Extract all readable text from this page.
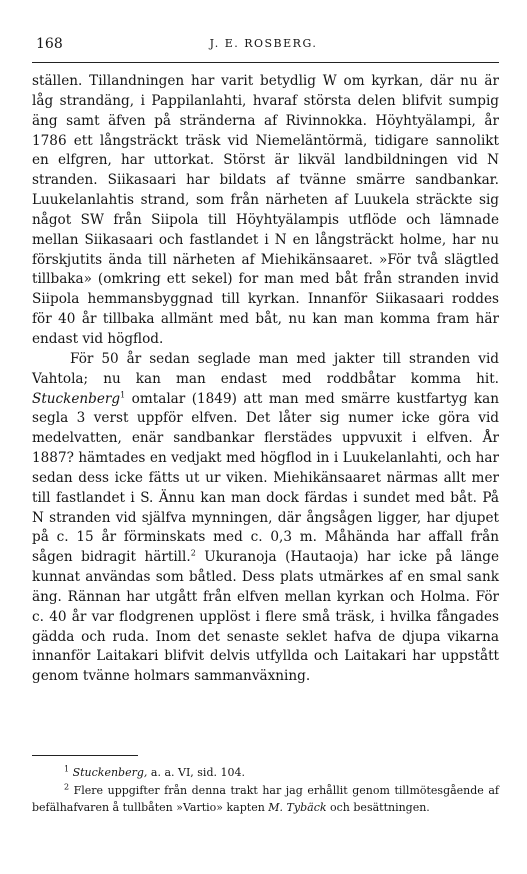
168	J. E. ROSBERG.

ställen. Tillandningen har varit betydlig W om kyrkan, där nu är låg strandäng, i Pappilanlahti, hvaraf största delen blifvit sumpig äng samt äfven på stränderna af Rivinnokka. Höyhtyälampi, år 1786 ett långsträckt träsk vid Niemeläntörmä, tidigare sannolikt en elfgren, har uttorkat. Störst är likväl landbildningen vid N stranden. Siikasaari har bildats af tvänne smärre sandbankar. Luukelanlahtis strand, som från närheten af Luukela sträckte sig något SW från Siipola till Höyhtyälampis utflöde och lämnade mellan Siikasaari och fastlandet i N en långsträckt holme, har nu förskjutits ända till närheten af Miehikänsaaret. »För två slägtled tillbaka» (omkring ett sekel) for man med båt från stranden invid Siipola hemmansbyggnad till kyrkan. Innanför Siikasaari roddes för 40 år tillbaka allmänt med båt, nu kan man komma fram här endast vid högflod.

För 50 år sedan seglade man med jakter till stranden vid Vahtola; nu kan man endast med roddbåtar komma hit. Stuckenberg$^1$ omtalar (1849) att man med smärre kustfartyg kan segla 3 verst uppför elfven. Det låter sig numer icke göra vid medelvatten, enär sandbankar flerstädes uppvuxit i elfven. År 1887? hämtades en vedjakt med högflod in i Luukelanlahti, och har sedan dess icke fätts ut ur viken. Miehikänsaaret närmas allt mer till fastlandet i S. Ännu kan man dock färdas i sundet med båt. På N stranden vid själfva mynningen, där ångsågen ligger, har djupet på c. 15 år förminskats med c. 0,3 m. Måhända har affall från sågen bidragit härtill.$^2$ Ukuranoja (Hautaoja) har icke på länge kunnat användas som båtled. Dess plats utmärkes af en smal sank äng. Rännan har utgått från elfven mellan kyrkan och Holma. För c. 40 år var flodgrenen upplöst i flere små träsk, i hvilka fångades gädda och ruda. Inom det senaste seklet hafva de djupa vikarna innanför Laitakari blifvit delvis utfyllda och Laitakari har uppstått genom tvänne holmars sammanväxning.

$^1$ Stuckenberg, a. a. VI, sid. 104.

$^2$ Flere uppgifter från denna trakt har jag erhållit genom tillmötesgående af befälhafvaren å tullbåten »Vartio» kapten M. Tybäck och besättningen.
